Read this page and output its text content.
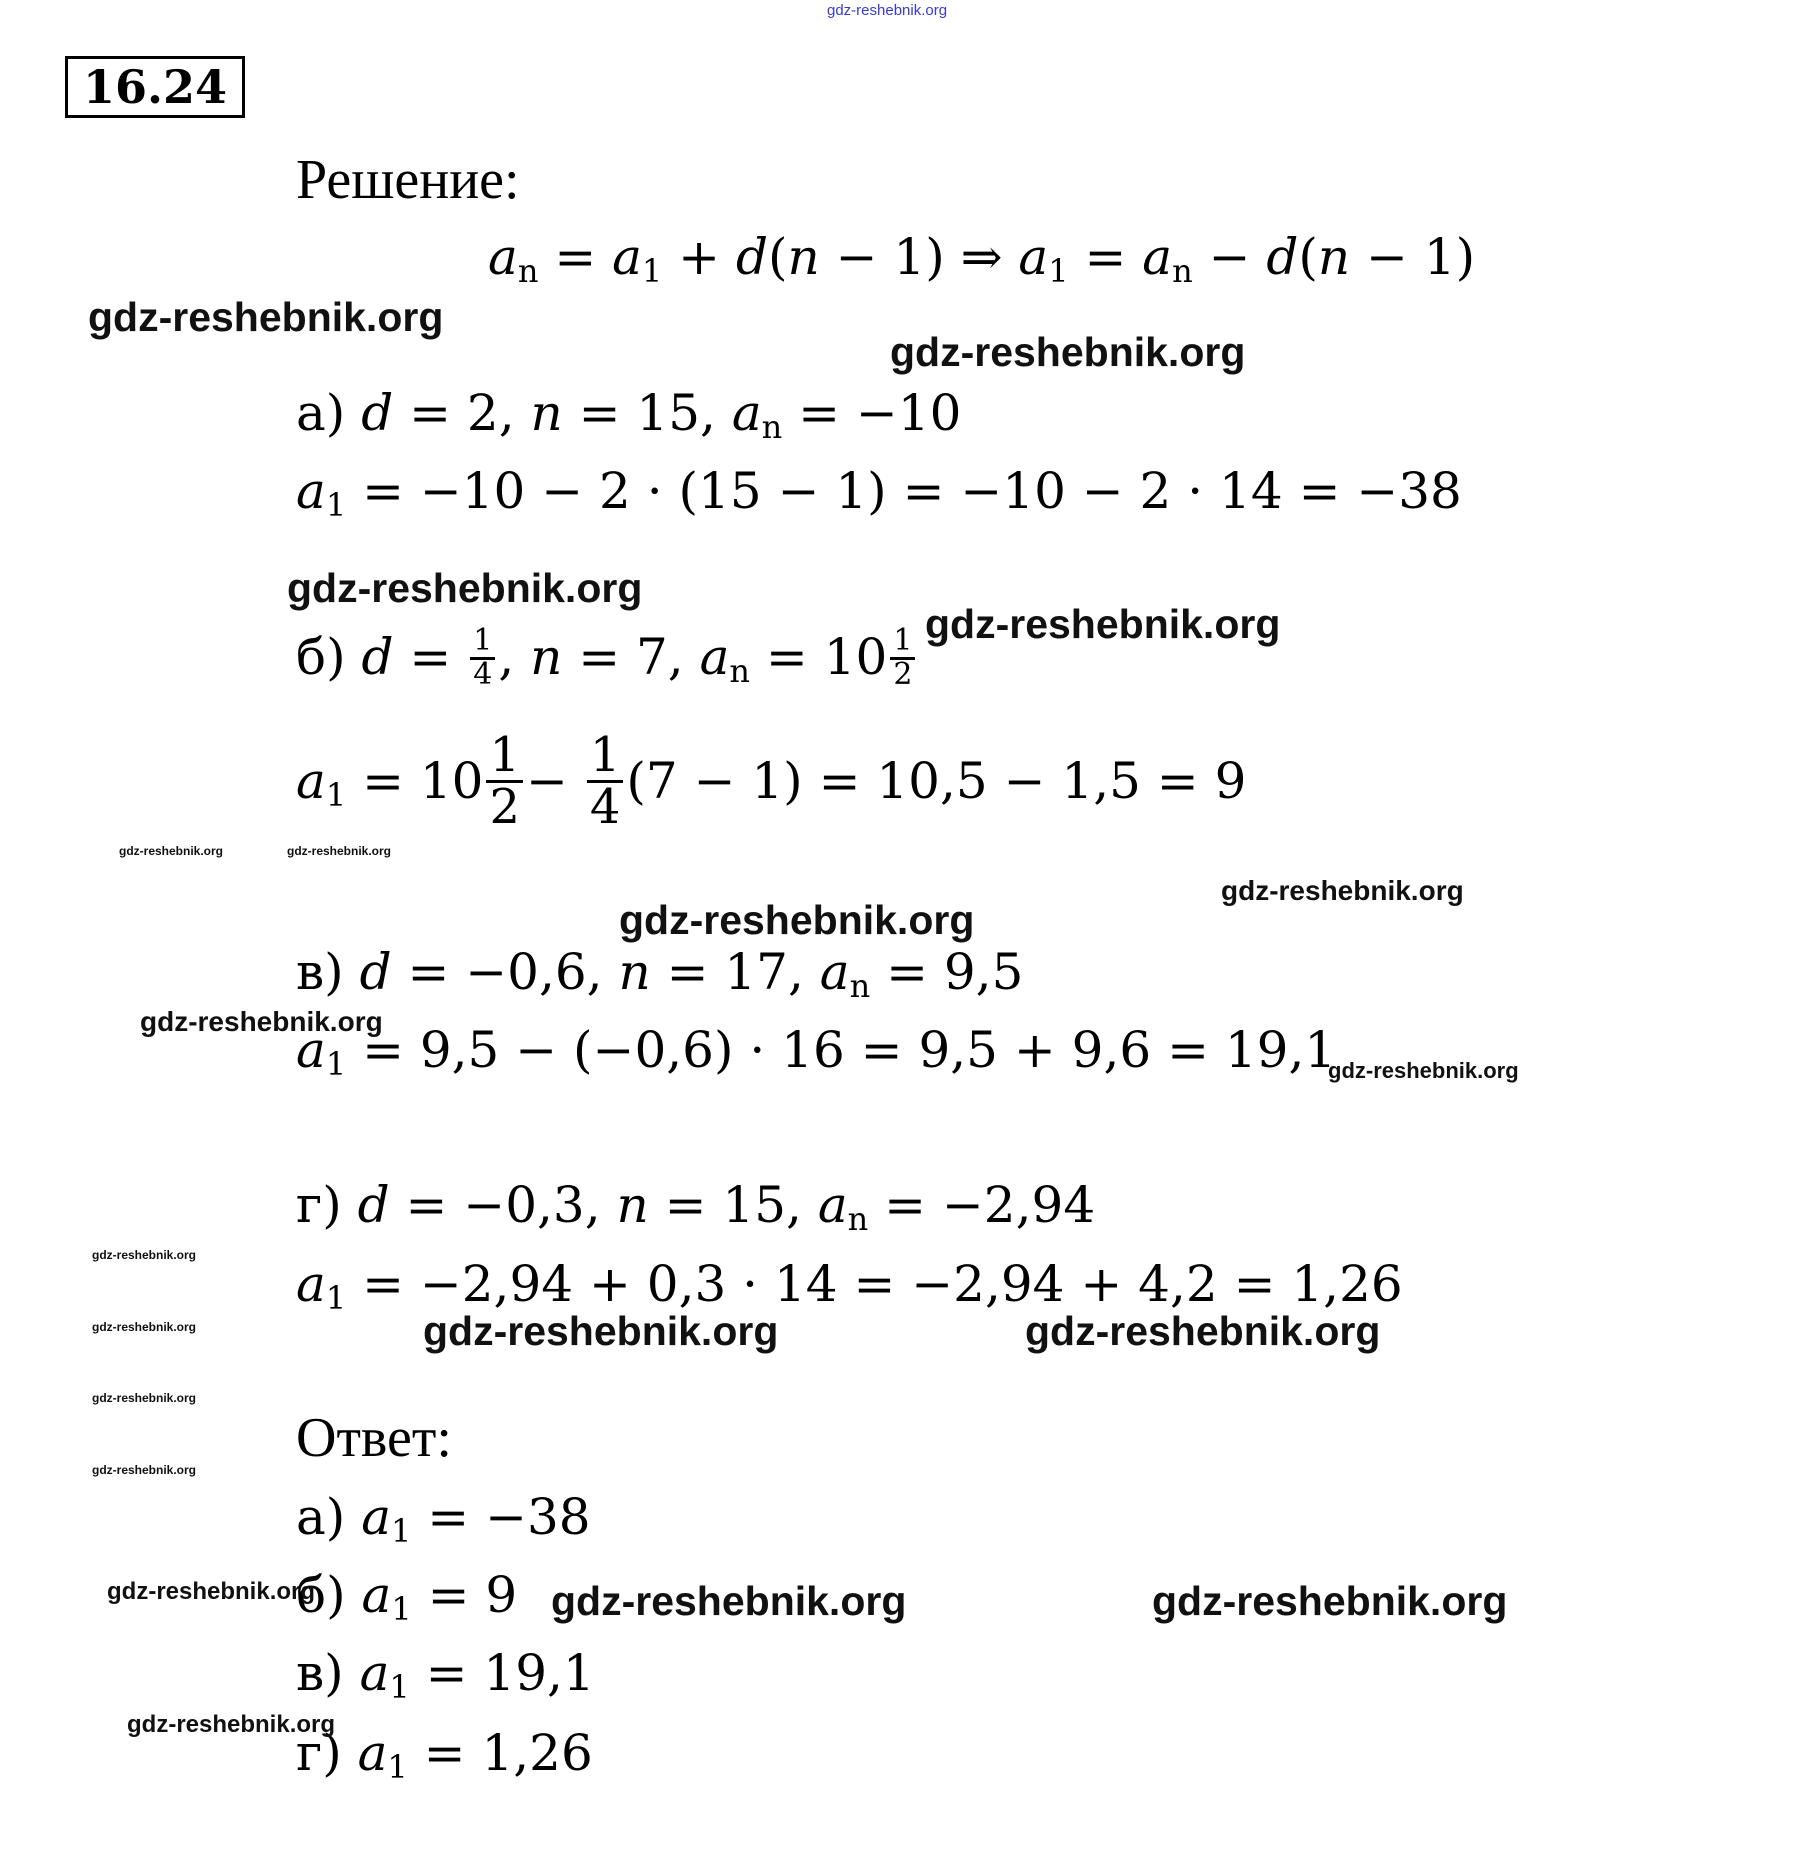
gdz-reshebnik.org
16.24
Решение:
a n = a 1 + d ( n − 1) ⇒ a 1 = a n − d ( n − 1)
а) d = 2, n = 15, a n = −10
a 1 = −10 − 2 · (15 − 1) = −10 − 2 · 14 = −38
б) $d = \frac{1}{4}$ , n = 7, a $n = 10 \frac{1}{2}$
a $1 = 10 \frac{1}{2} - \frac{1}{4} (7 - 1) = 10,5 - 1,5 = 9$
в) d = −0,6, n = 17, a n = 9,5
a 1 = 9,5 − (−0,6) · 16 = 9,5 + 9,6 = 19,1
г) d = −0,3, n = 15, a n = −2,94
a 1 = −2,94 + 0,3 · 14 = −2,94 + 4,2 = 1,26
Ответ:
а) a 1 = −38
б) a 1 = 9
в) a 1 = 19,1
г) a 1 = 1,26
gdz-reshebnik.org
gdz-reshebnik.org
gdz-reshebnik.org
gdz-reshebnik.org
gdz-reshebnik.org	gdz-reshebnik.org
gdz-reshebnik.org
gdz-reshebnik.org
gdz-reshebnik.org
gdz-reshebnik.org
gdz-reshebnik.org
gdz-reshebnik.org
gdz-reshebnik.org
gdz-reshebnik.org
gdz-reshebnik.org	gdz-reshebnik.org
gdz-reshebnik.org	gdz-reshebnik.org	gdz-reshebnik.org
gdz-reshebnik.org
